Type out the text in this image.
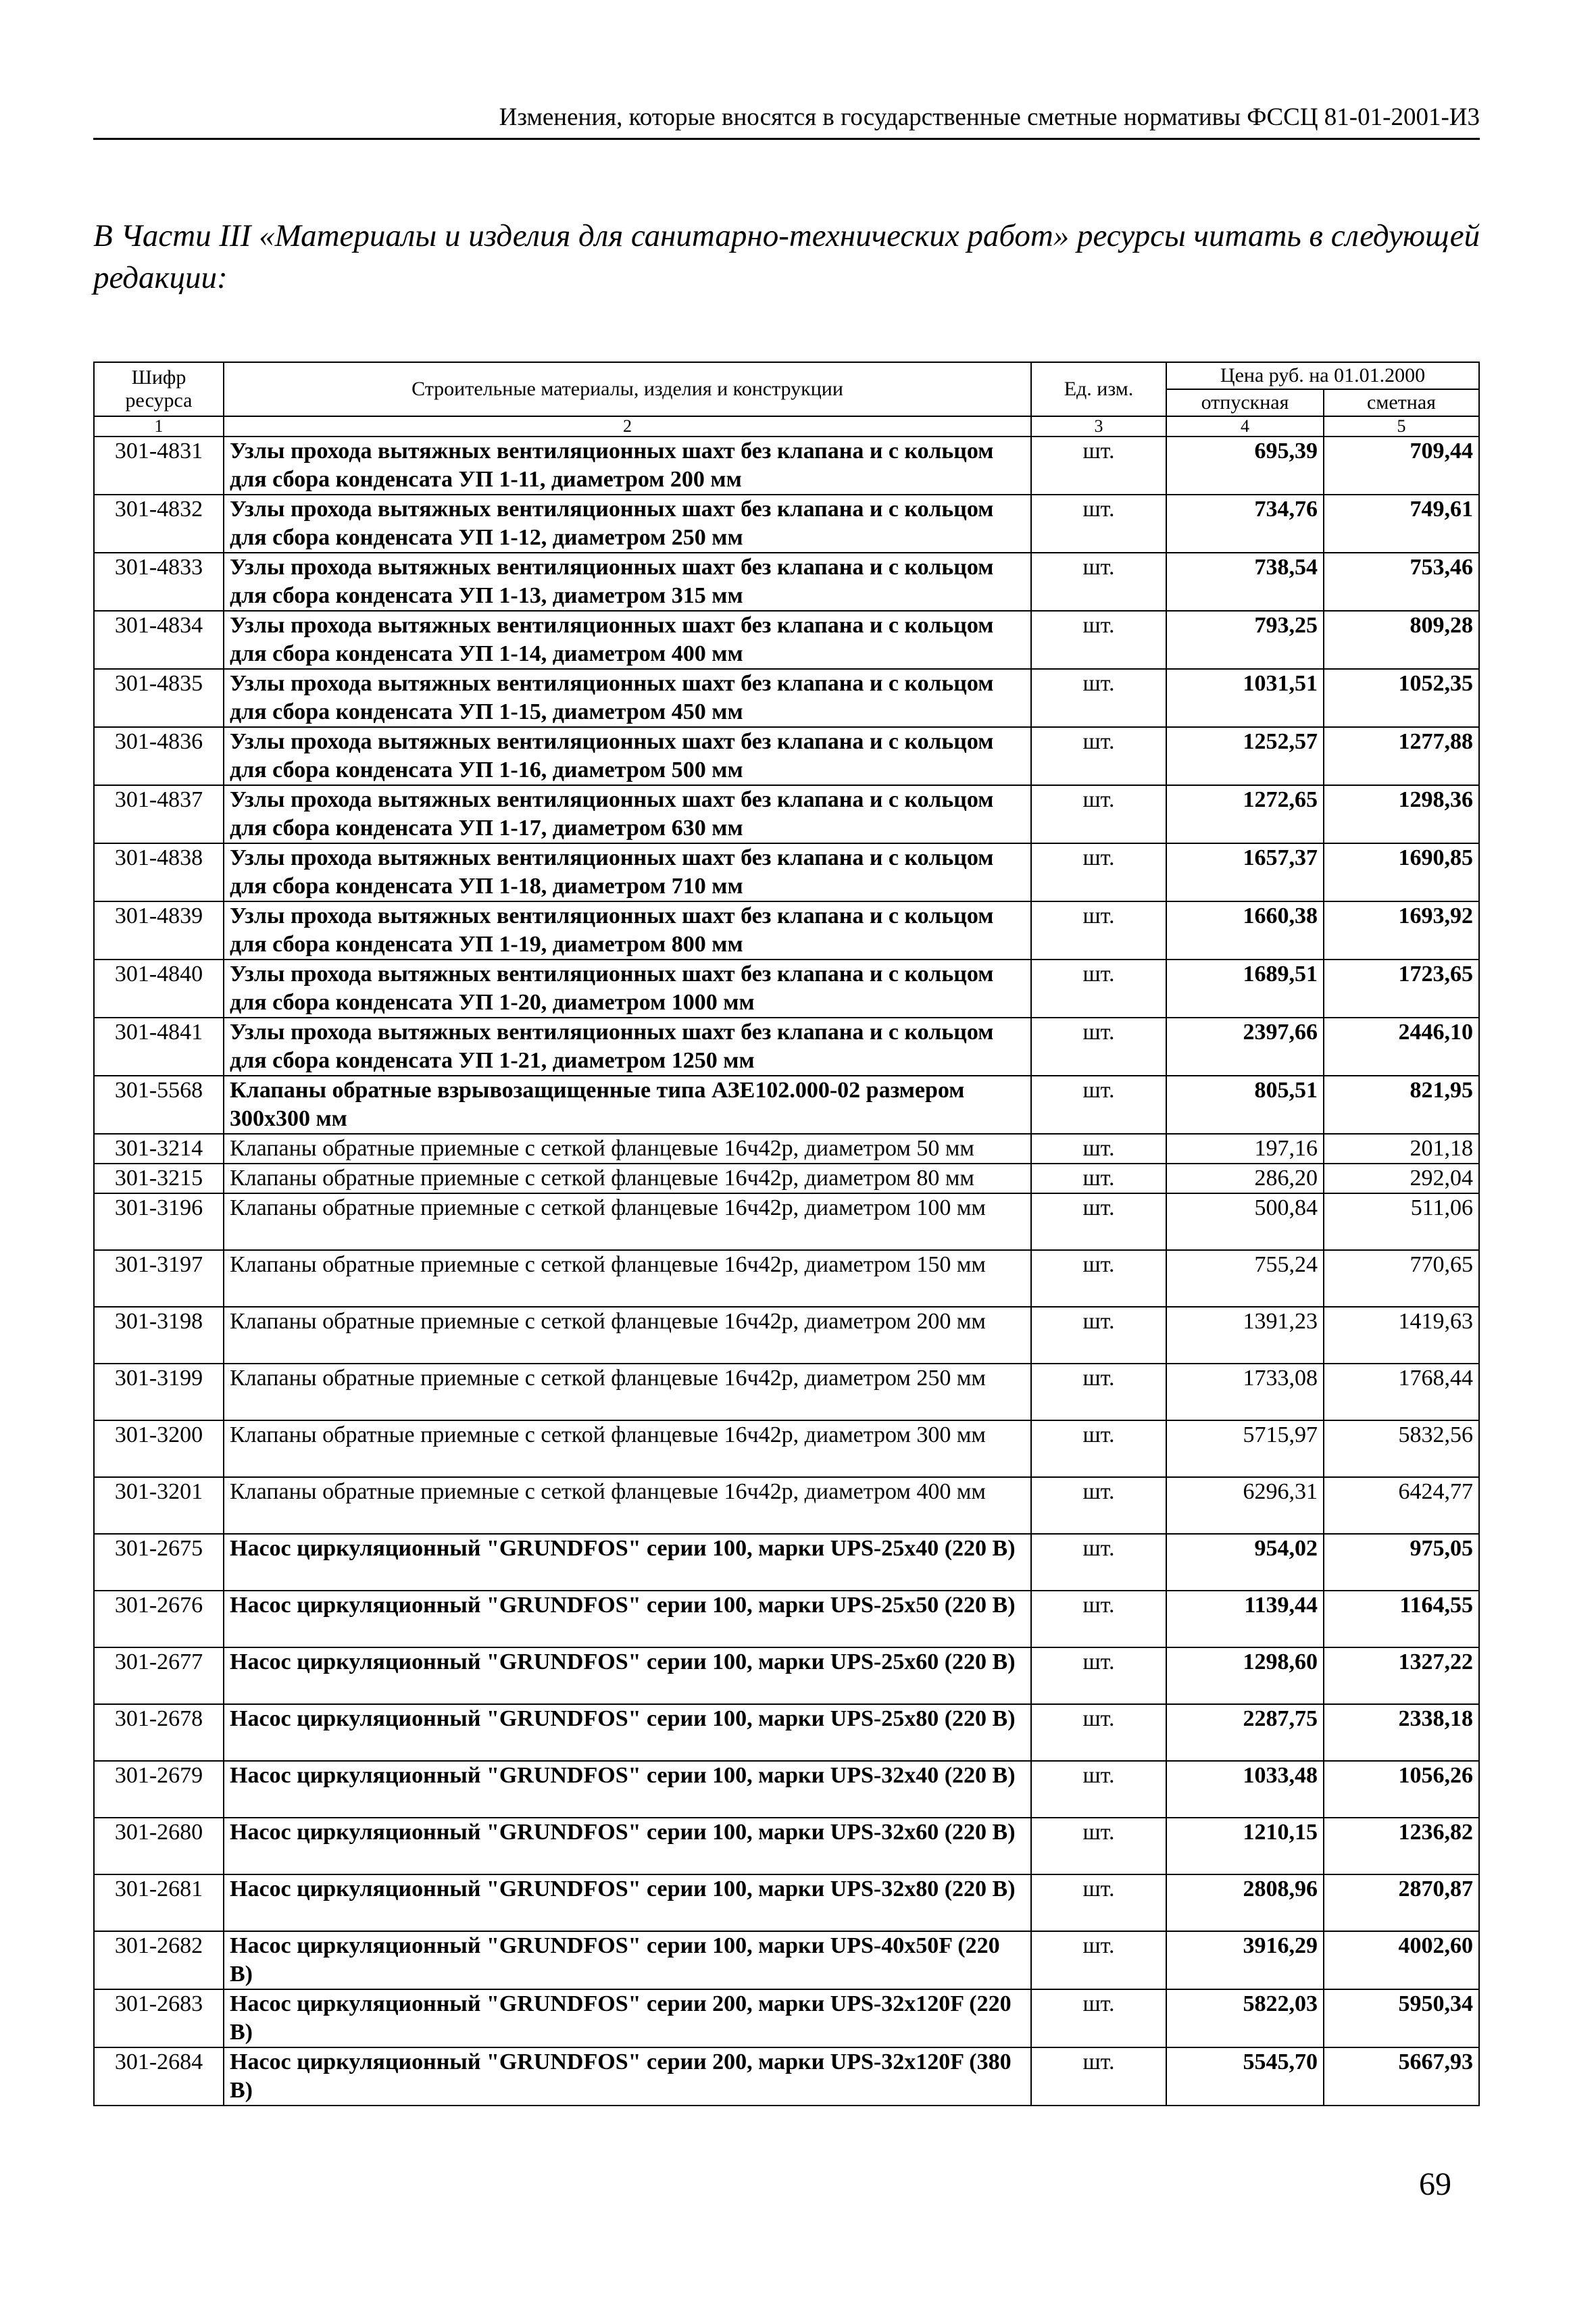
Изменения, которые вносятся в государственные сметные нормативы ФССЦ 81-01-2001-И3
В Части III «Материалы и изделия для санитарно-технических работ» ресурсы читать в следующей редакции:
Шифр ресурса	Строительные материалы, изделия и конструкции	Ед. изм.	Цена руб. на 01.01.2000	
			отпускная	сметная
1	2	3	4	5
301-4831	Узлы прохода вытяжных вентиляционных шахт без клапана и с кольцом для сбора конденсата УП 1-11, диаметром 200 мм	шт.	695,39	709,44
301-4832	Узлы прохода вытяжных вентиляционных шахт без клапана и с кольцом для сбора конденсата УП 1-12, диаметром 250 мм	шт.	734,76	749,61
301-4833	Узлы прохода вытяжных вентиляционных шахт без клапана и с кольцом для сбора конденсата УП 1-13, диаметром 315 мм	шт.	738,54	753,46
301-4834	Узлы прохода вытяжных вентиляционных шахт без клапана и с кольцом для сбора конденсата УП 1-14, диаметром 400 мм	шт.	793,25	809,28
301-4835	Узлы прохода вытяжных вентиляционных шахт без клапана и с кольцом для сбора конденсата УП 1-15, диаметром 450 мм	шт.	1031,51	1052,35
301-4836	Узлы прохода вытяжных вентиляционных шахт без клапана и с кольцом для сбора конденсата УП 1-16, диаметром 500 мм	шт.	1252,57	1277,88
301-4837	Узлы прохода вытяжных вентиляционных шахт без клапана и с кольцом для сбора конденсата УП 1-17, диаметром 630 мм	шт.	1272,65	1298,36
301-4838	Узлы прохода вытяжных вентиляционных шахт без клапана и с кольцом для сбора конденсата УП 1-18, диаметром 710 мм	шт.	1657,37	1690,85
301-4839	Узлы прохода вытяжных вентиляционных шахт без клапана и с кольцом для сбора конденсата УП 1-19, диаметром 800 мм	шт.	1660,38	1693,92
301-4840	Узлы прохода вытяжных вентиляционных шахт без клапана и с кольцом для сбора конденсата УП 1-20, диаметром 1000 мм	шт.	1689,51	1723,65
301-4841	Узлы прохода вытяжных вентиляционных шахт без клапана и с кольцом для сбора конденсата УП 1-21, диаметром 1250 мм	шт.	2397,66	2446,10
301-5568	Клапаны обратные взрывозащищенные типа АЗЕ102.000-02 размером 300х300 мм	шт.	805,51	821,95
301-3214	Клапаны обратные приемные с сеткой фланцевые 16ч42р, диаметром 50 мм	шт.	197,16	201,18
301-3215	Клапаны обратные приемные с сеткой фланцевые 16ч42р, диаметром 80 мм	шт.	286,20	292,04
301-3196	Клапаны обратные приемные с сеткой фланцевые 16ч42р, диаметром 100 мм	шт.	500,84	511,06
301-3197	Клапаны обратные приемные с сеткой фланцевые 16ч42р, диаметром 150 мм	шт.	755,24	770,65
301-3198	Клапаны обратные приемные с сеткой фланцевые 16ч42р, диаметром 200 мм	шт.	1391,23	1419,63
301-3199	Клапаны обратные приемные с сеткой фланцевые 16ч42р, диаметром 250 мм	шт.	1733,08	1768,44
301-3200	Клапаны обратные приемные с сеткой фланцевые 16ч42р, диаметром 300 мм	шт.	5715,97	5832,56
301-3201	Клапаны обратные приемные с сеткой фланцевые 16ч42р, диаметром 400 мм	шт.	6296,31	6424,77
301-2675	Насос циркуляционный "GRUNDFOS" серии 100, марки UPS-25х40 (220 В)	шт.	954,02	975,05
301-2676	Насос циркуляционный "GRUNDFOS" серии 100, марки UPS-25х50 (220 В)	шт.	1139,44	1164,55
301-2677	Насос циркуляционный "GRUNDFOS" серии 100, марки UPS-25х60 (220 В)	шт.	1298,60	1327,22
301-2678	Насос циркуляционный "GRUNDFOS" серии 100, марки UPS-25х80 (220 В)	шт.	2287,75	2338,18
301-2679	Насос циркуляционный "GRUNDFOS" серии 100, марки UPS-32х40 (220 В)	шт.	1033,48	1056,26
301-2680	Насос циркуляционный "GRUNDFOS" серии 100, марки UPS-32х60 (220 В)	шт.	1210,15	1236,82
301-2681	Насос циркуляционный "GRUNDFOS" серии 100, марки UPS-32х80 (220 В)	шт.	2808,96	2870,87
301-2682	Насос циркуляционный "GRUNDFOS" серии 100, марки UPS-40х50F (220 В)	шт.	3916,29	4002,60
301-2683	Насос циркуляционный "GRUNDFOS" серии 200, марки UPS-32х120F (220 В)	шт.	5822,03	5950,34
301-2684	Насос циркуляционный "GRUNDFOS" серии 200, марки UPS-32х120F (380 В)	шт.	5545,70	5667,93
69
